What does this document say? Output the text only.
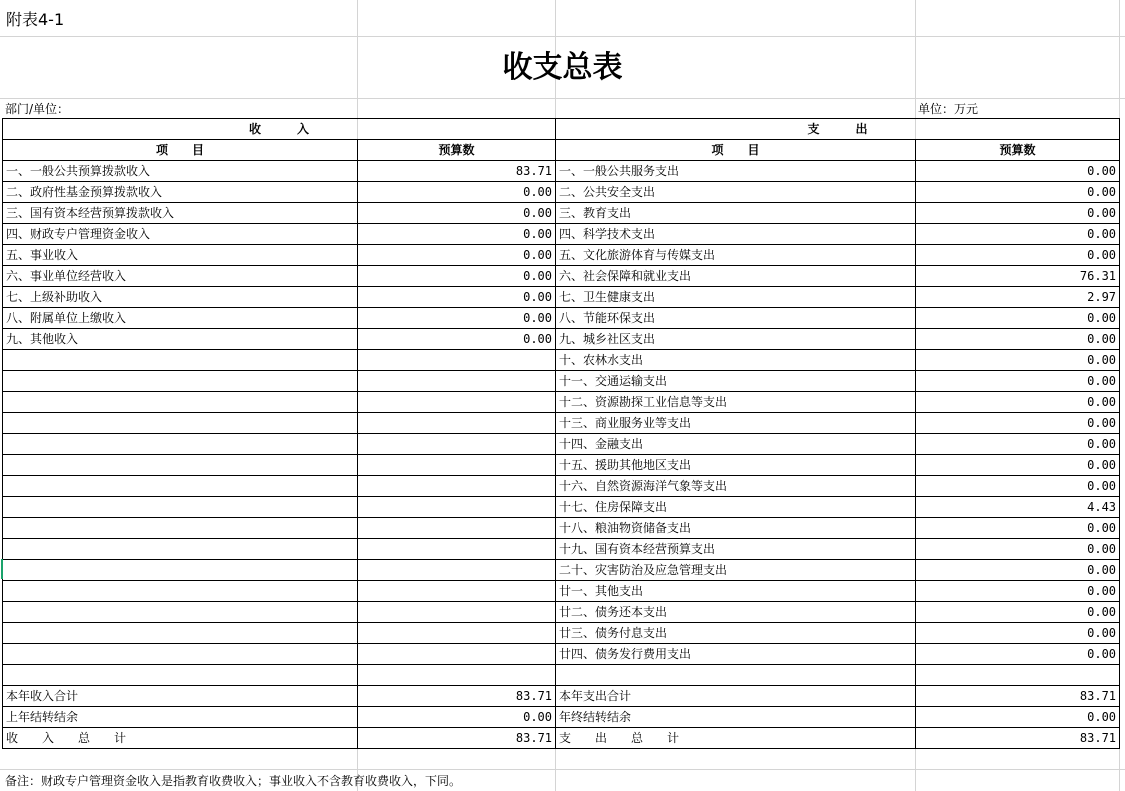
附表4-1
收支总表
部门/单位：	单位：万元
收　　　入		支　　　出	
项　　目	预算数	项　　目	预算数
一、一般公共预算拨款收入	83.71	一、一般公共服务支出	0.00
二、政府性基金预算拨款收入	0.00	二、公共安全支出	0.00
三、国有资本经营预算拨款收入	0.00	三、教育支出	0.00
四、财政专户管理资金收入	0.00	四、科学技术支出	0.00
五、事业收入	0.00	五、文化旅游体育与传媒支出	0.00
六、事业单位经营收入	0.00	六、社会保障和就业支出	76.31
七、上级补助收入	0.00	七、卫生健康支出	2.97
八、附属单位上缴收入	0.00	八、节能环保支出	0.00
九、其他收入	0.00	九、城乡社区支出	0.00
		十、农林水支出	0.00
		十一、交通运输支出	0.00
		十二、资源勘探工业信息等支出	0.00
		十三、商业服务业等支出	0.00
		十四、金融支出	0.00
		十五、援助其他地区支出	0.00
		十六、自然资源海洋气象等支出	0.00
		十七、住房保障支出	4.43
		十八、粮油物资储备支出	0.00
		十九、国有资本经营预算支出	0.00
		二十、灾害防治及应急管理支出	0.00
		廿一、其他支出	0.00
		廿二、债务还本支出	0.00
		廿三、债务付息支出	0.00
		廿四、债务发行费用支出	0.00

本年收入合计	83.71	本年支出合计	83.71
上年结转结余	0.00	年终结转结余	0.00
收　　入　　总　　计	83.71	支　　出　　总　　计	83.71
备注：财政专户管理资金收入是指教育收费收入；事业收入不含教育收费收入，下同。
